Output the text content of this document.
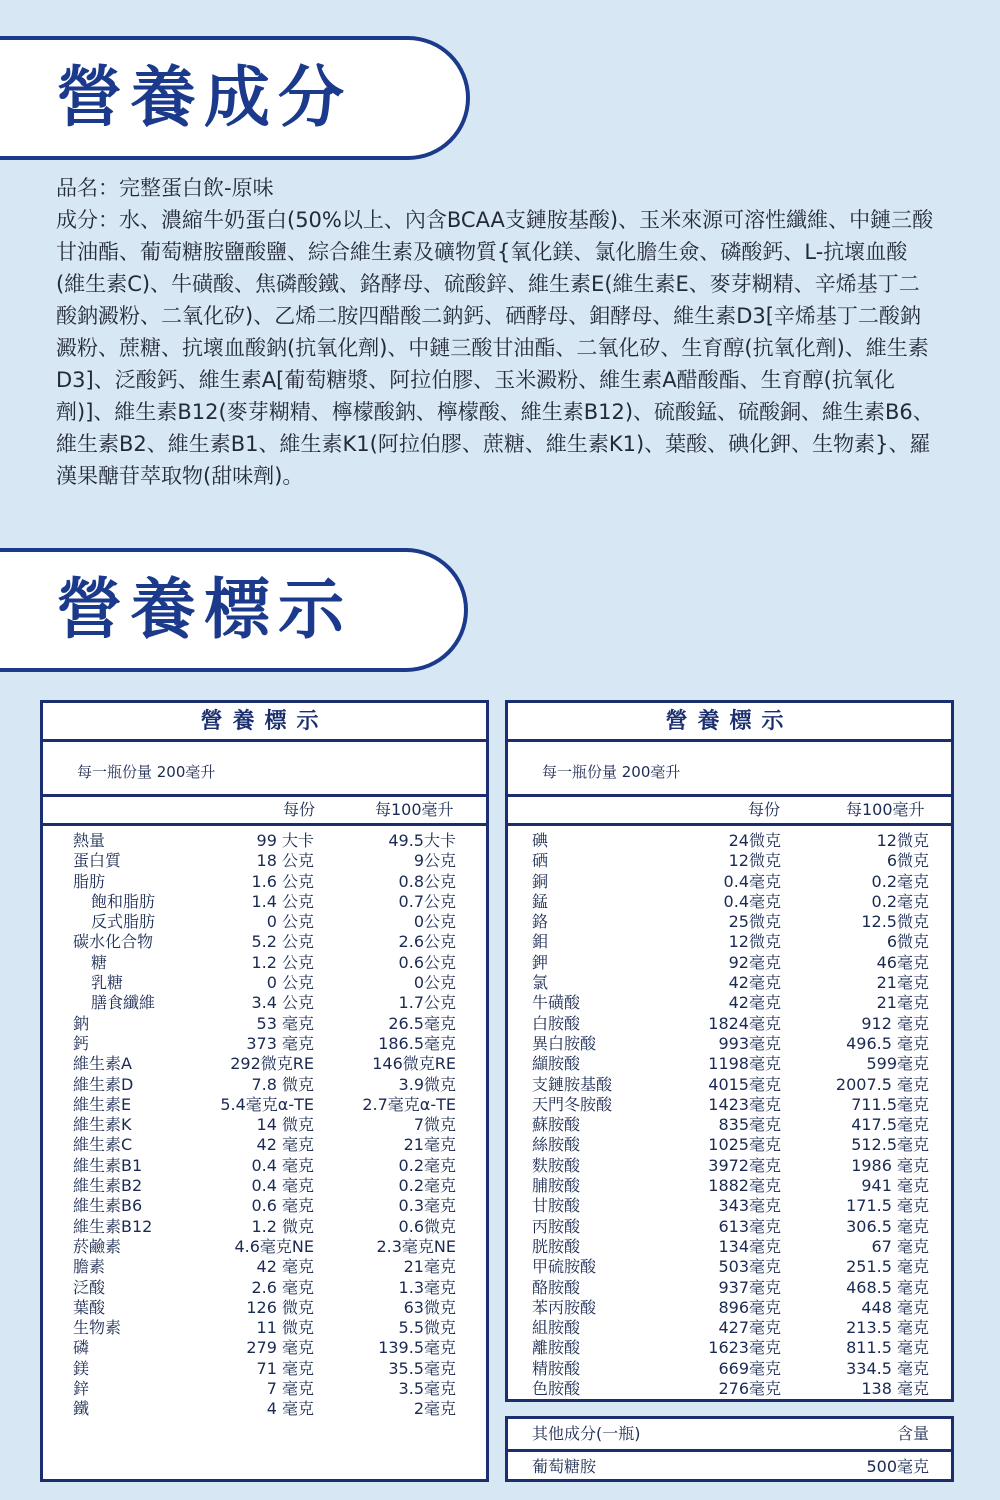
營養成分

品名：完整蛋白飲-原味

成分：水、濃縮牛奶蛋白(50%以上、內含BCAA支鏈胺基酸)、玉米來源可溶性纖維、中鏈三酸甘油酯、葡萄糖胺鹽酸鹽、綜合維生素及礦物質{氧化鎂、氯化膽生僉、磷酸鈣、L-抗壞血酸(維生素C)、牛磺酸、焦磷酸鐵、鉻酵母、硫酸鋅、維生素E(維生素E、麥芽糊精、辛烯基丁二酸鈉澱粉、二氧化矽)、乙烯二胺四醋酸二鈉鈣、硒酵母、鉬酵母、維生素D3[辛烯基丁二酸鈉澱粉、蔗糖、抗壞血酸鈉(抗氧化劑)、中鏈三酸甘油酯、二氧化矽、生育醇(抗氧化劑)、維生素D3]、泛酸鈣、維生素A[葡萄糖漿、阿拉伯膠、玉米澱粉、維生素A醋酸酯、生育醇(抗氧化劑)]、維生素B12(麥芽糊精、檸檬酸鈉、檸檬酸、維生素B12)、硫酸錳、硫酸銅、維生素B6、維生素B2、維生素B1、維生素K1(阿拉伯膠、蔗糖、維生素K1)、葉酸、碘化鉀、生物素}、羅漢果醣苷萃取物(甜味劑)。

營養標示
營養標示
每一瓶份量 200毫升
每份	每100毫升
熱量	99 大卡	49.5大卡
蛋白質	18 公克	9公克
脂肪	1.6 公克	0.8公克
飽和脂肪	1.4 公克	0.7公克
反式脂肪	0 公克	0公克
碳水化合物	5.2 公克	2.6公克
糖	1.2 公克	0.6公克
乳糖	0 公克	0公克
膳食纖維	3.4 公克	1.7公克
鈉	53 毫克	26.5毫克
鈣	373 毫克	186.5毫克
維生素A	292微克RE	146微克RE
維生素D	7.8 微克	3.9微克
維生素E	5.4毫克α-TE	2.7毫克α-TE
維生素K	14 微克	7微克
維生素C	42 毫克	21毫克
維生素B1	0.4 毫克	0.2毫克
維生素B2	0.4 毫克	0.2毫克
維生素B6	0.6 毫克	0.3毫克
維生素B12	1.2 微克	0.6微克
菸鹼素	4.6毫克NE	2.3毫克NE
膽素	42 毫克	21毫克
泛酸	2.6 毫克	1.3毫克
葉酸	126 微克	63微克
生物素	11 微克	5.5微克
磷	279 毫克	139.5毫克
鎂	71 毫克	35.5毫克
鋅	7 毫克	3.5毫克
鐵	4 毫克	2毫克
營養標示
每一瓶份量 200毫升
每份	每100毫升
碘	24微克	12微克
硒	12微克	6微克
銅	0.4毫克	0.2毫克
錳	0.4毫克	0.2毫克
鉻	25微克	12.5微克
鉬	12微克	6微克
鉀	92毫克	46毫克
氯	42毫克	21毫克
牛磺酸	42毫克	21毫克
白胺酸	1824毫克	912 毫克
異白胺酸	993毫克	496.5 毫克
纈胺酸	1198毫克	599毫克
支鏈胺基酸	4015毫克	2007.5 毫克
天門冬胺酸	1423毫克	711.5毫克
蘇胺酸	835毫克	417.5毫克
絲胺酸	1025毫克	512.5毫克
麩胺酸	3972毫克	1986 毫克
脯胺酸	1882毫克	941 毫克
甘胺酸	343毫克	171.5 毫克
丙胺酸	613毫克	306.5 毫克
胱胺酸	134毫克	67 毫克
甲硫胺酸	503毫克	251.5 毫克
酪胺酸	937毫克	468.5 毫克
苯丙胺酸	896毫克	448 毫克
組胺酸	427毫克	213.5 毫克
離胺酸	1623毫克	811.5 毫克
精胺酸	669毫克	334.5 毫克
色胺酸	276毫克	138 毫克
其他成分(一瓶)	含量
葡萄糖胺	500毫克
